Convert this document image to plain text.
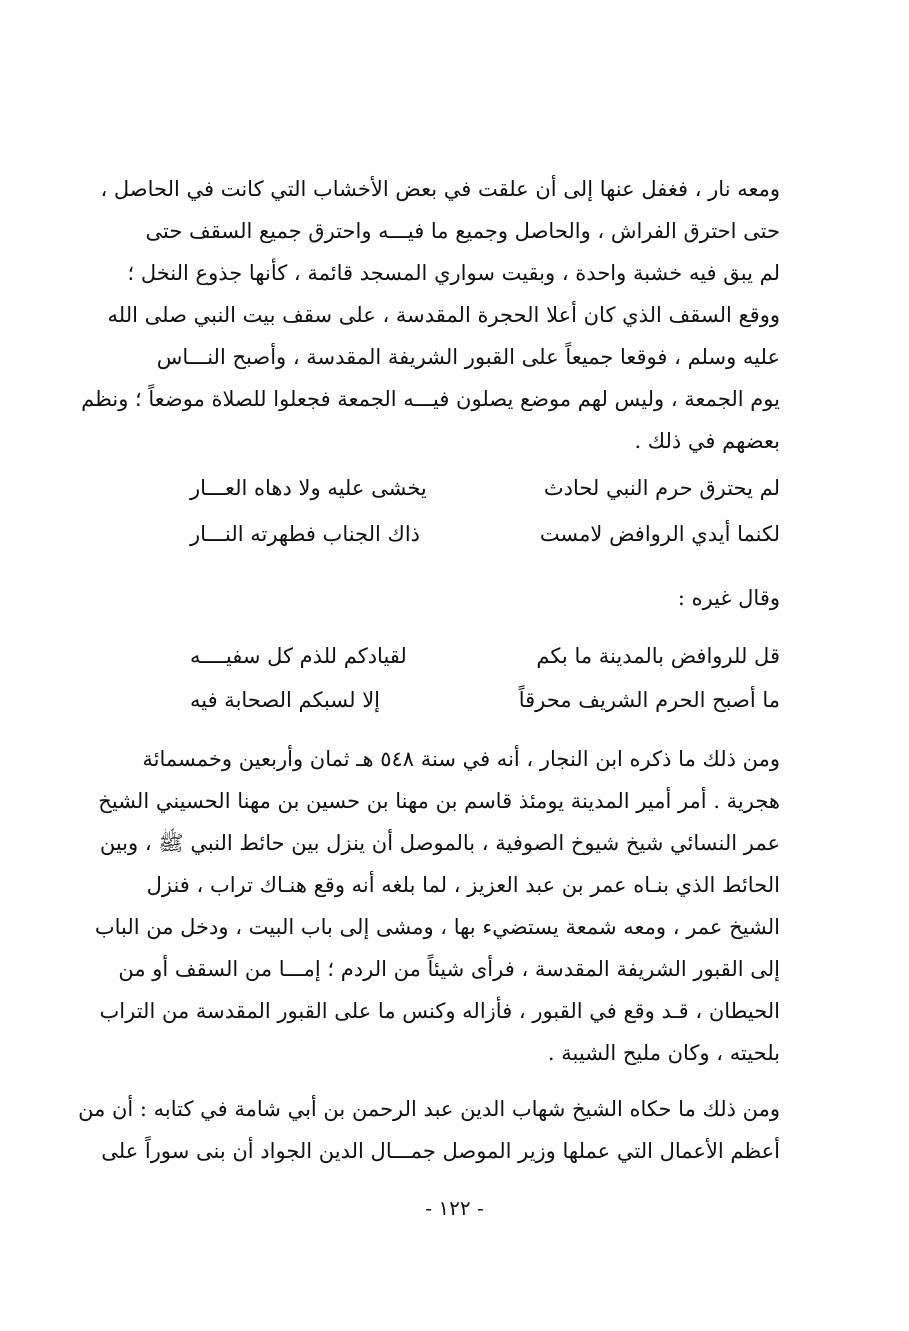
ومعه نار ، فغفل عنها إلى أن علقت في بعض الأخشاب التي كانت في الحاصل ،
حتى احترق الفراش ، والحاصل وجميع ما فيـــه واحترق جميع السقف حتى
لم يبق فيه خشبة واحدة ، وبقيت سواري المسجد قائمة ، كأنها جذوع النخل ؛
ووقع السقف الذي كان أعلا الحجرة المقدسة ، على سقف بيت النبي صلى الله
عليه وسلم ، فوقعا جميعاً على القبور الشريفة المقدسة ، وأصبح النـــاس
يوم الجمعة ، وليس لهم موضع يصلون فيـــه الجمعة فجعلوا للصلاة موضعاً ؛ ونظم
بعضهم في ذلك .
لم يحترق حرم النبي لحادث
يخشى عليه ولا دهاه العـــار
لكنما أيدي الروافض لامست
ذاك الجناب فطهرته النـــار
وقال غيره :
قل للروافض بالمدينة ما بكم
لقيادكم للذم كل سفيــــه
ما أصبح الحرم الشريف محرقاً
إلا لسبكم الصحابة فيه
ومن ذلك ما ذكره ابن النجار ، أنه في سنة ٥٤٨ هـ ثمان وأربعين وخمسمائة
هجرية . أمر أمير المدينة يومئذ قاسم بن مهنا بن حسين بن مهنا الحسيني الشيخ
عمر النسائي شيخ شيوخ الصوفية ، بالموصل أن ينزل بين حائط النبي ﷺ ، وبين
الحائط الذي بنـاه عمر بن عبد العزيز ، لما بلغه أنه وقع هنـاك تراب ، فنزل
الشيخ عمر ، ومعه شمعة يستضيء بها ، ومشى إلى باب البيت ، ودخل من الباب
إلى القبور الشريفة المقدسة ، فرأى شيئاً من الردم ؛ إمـــا من السقف أو من
الحيطان ، قـد وقع في القبور ، فأزاله وكنس ما على القبور المقدسة من التراب
بلحيته ، وكان مليح الشيبة .
ومن ذلك ما حكاه الشيخ شهاب الدين عبد الرحمن بن أبي شامة في كتابه : أن من
أعظم الأعمال التي عملها وزير الموصل جمـــال الدين الجواد أن بنى سوراً على
- ١٢٢ -
